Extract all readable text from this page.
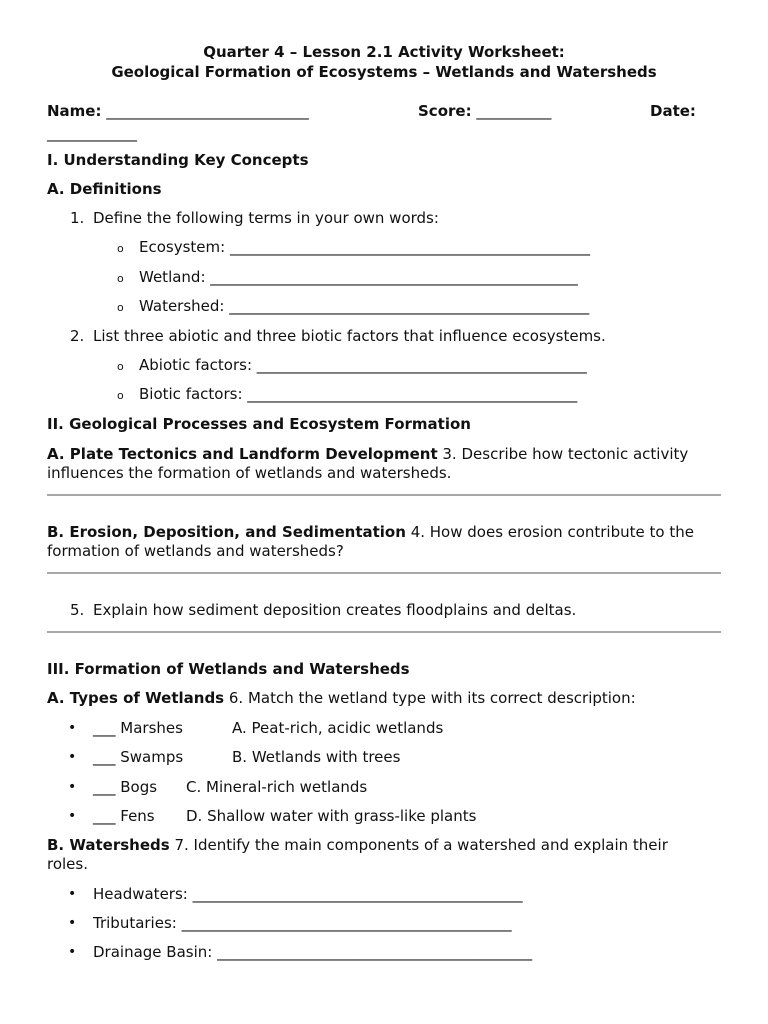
Quarter 4 – Lesson 2.1 Activity Worksheet:
Geological Formation of Ecosystems – Wetlands and Watersheds
Name: ___________________________	Score: __________	Date:
____________
I. Understanding Key Concepts
A. Definitions
1. Define the following terms in your own words:
o Ecosystem: ________________________________________________
o Wetland: _________________________________________________
o Watershed: ________________________________________________
2. List three abiotic and three biotic factors that influence ecosystems.
o Abiotic factors: ____________________________________________
o Biotic factors: ____________________________________________
II. Geological Processes and Ecosystem Formation
A. Plate Tectonics and Landform Development 3. Describe how tectonic activity
influences the formation of wetlands and watersheds.
B. Erosion, Deposition, and Sedimentation 4. How does erosion contribute to the
formation of wetlands and watersheds?
5. Explain how sediment deposition creates floodplains and deltas.
III. Formation of Wetlands and Watersheds
A. Types of Wetlands 6. Match the wetland type with its correct description:
• ___ Marshes	A. Peat-rich, acidic wetlands
• ___ Swamps	B. Wetlands with trees
• ___ Bogs C. Mineral-rich wetlands
• ___ Fens D. Shallow water with grass-like plants
B. Watersheds 7. Identify the main components of a watershed and explain their
roles.
• Headwaters: ____________________________________________
• Tributaries: ____________________________________________
• Drainage Basin: __________________________________________
